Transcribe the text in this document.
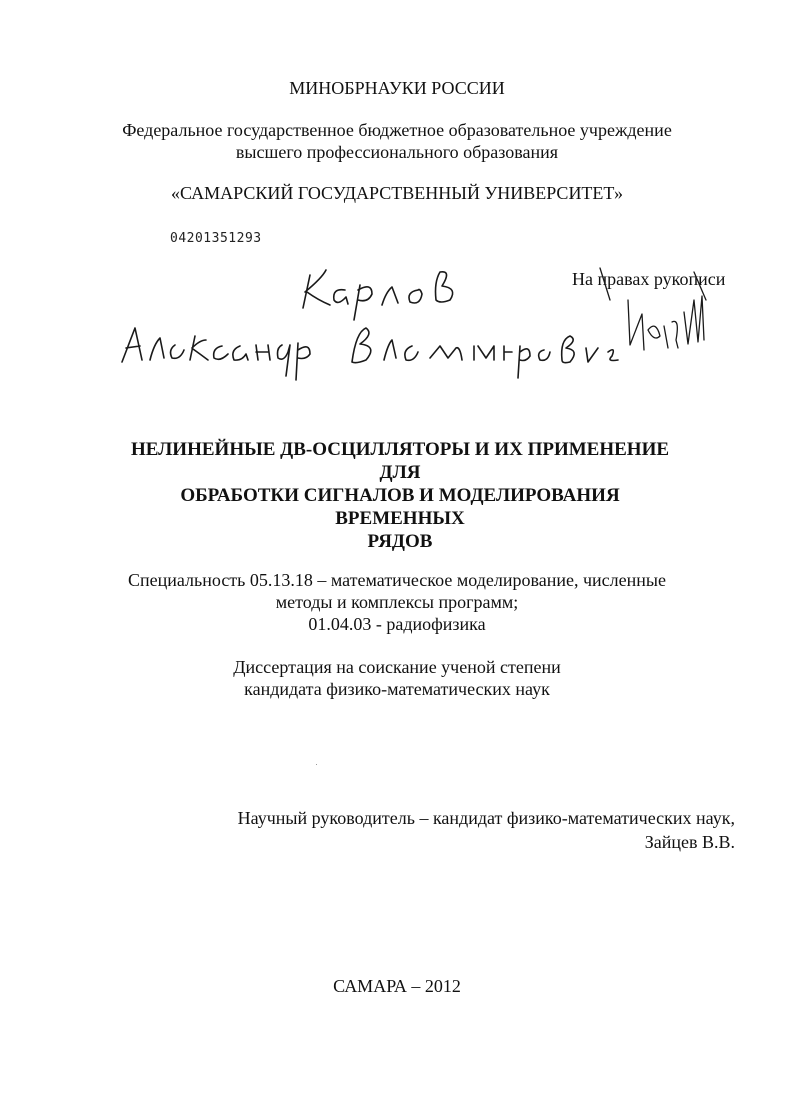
МИНОБРНАУКИ РОССИИ
Федеральное государственное бюджетное образовательное учреждение
высшего профессионального образования
«САМАРСКИЙ ГОСУДАРСТВЕННЫЙ УНИВЕРСИТЕТ»
04201351293
На правах рукописи
НЕЛИНЕЙНЫЕ ДВ-ОСЦИЛЛЯТОРЫ И ИХ ПРИМЕНЕНИЕ ДЛЯ
ОБРАБОТКИ СИГНАЛОВ И МОДЕЛИРОВАНИЯ ВРЕМЕННЫХ
РЯДОВ
Специальность 05.13.18 – математическое моделирование, численные
методы и комплексы программ;
01.04.03 - радиофизика
Диссертация на соискание ученой степени
кандидата физико-математических наук
Научный руководитель – кандидат физико-математических наук,
Зайцев В.В.
САМАРА – 2012
